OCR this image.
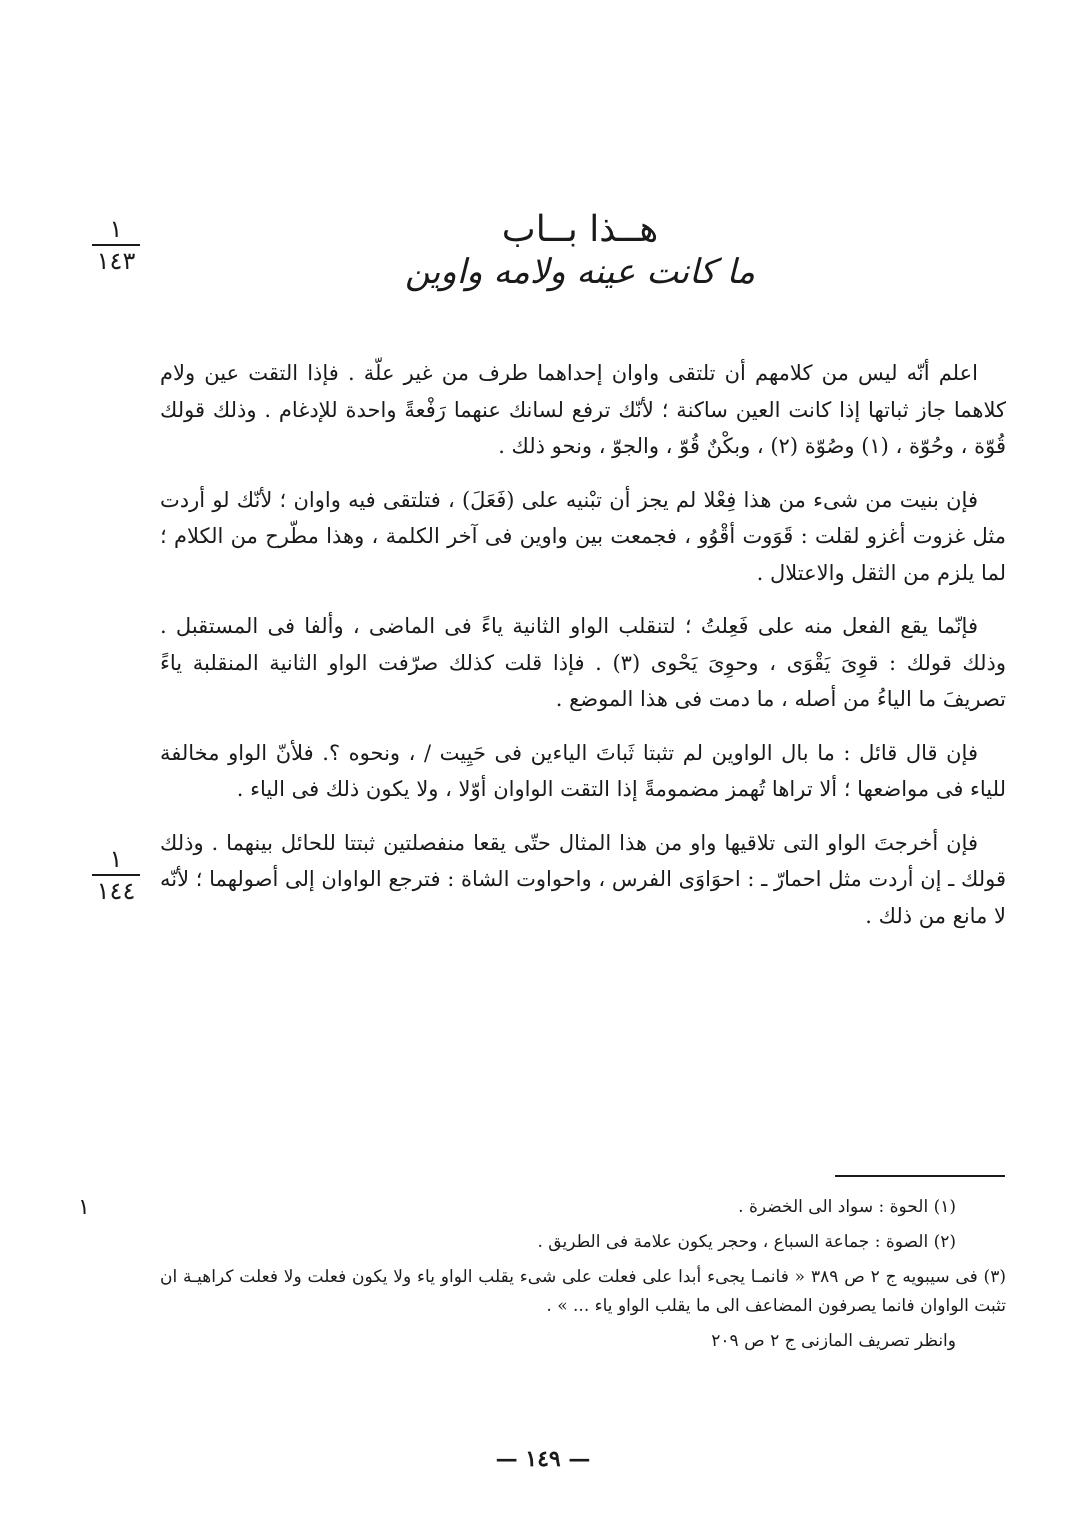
١
١٤٣
١
١٤٤
هــذا بــاب
ما كانت عينه ولامه واوين

اعلم أنّه ليس من كلامهم أن تلتقى واوان إحداهما طرف من غير علّة . فإذا التقت عين ولام كلاهما جاز ثباتها إذا كانت العين ساكنة ؛ لأنّك ترفع لسانك عنهما رَفْعةً واحدة للإدغام . وذلك قولك قُوّة ، وحُوّة ، (١) وصُوّة (٢) ، وبكْنٌ قُوّ ، والجوّ ، ونحو ذلك .

فإن بنيت من شىء من هذا فِعْلا لم يجز أن تبْنيه على (فَعَلَ) ، فتلتقى فيه واوان ؛ لأنّك لو أردت مثل غزوت أغزو لقلت : قَوَوت أقْوُو ، فجمعت بين واوين فى آخر الكلمة ، وهذا مطّرح من الكلام ؛ لما يلزم من الثقل والاعتلال .

فإنّما يقع الفعل منه على فَعِلتُ ؛ لتنقلب الواو الثانية ياءً فى الماضى ، وألفا فى المستقبل . وذلك قولك : قوِىَ يَقْوَى ، وحوِىَ يَحْوى (٣) . فإذا قلت كذلك صرّفت الواو الثانية المنقلبة ياءً تصريفَ ما الياءُ من أصله ، ما دمت فى هذا الموضع .

فإن قال قائل : ما بال الواوين لم تثبتا ثَباتَ الياءين فى حَيِيت / ، ونحوه ؟. فلأنّ الواو مخالفة للياء فى مواضعها ؛ ألا تراها تُهمز مضمومةً إذا التقت الواوان أوّلا ، ولا يكون ذلك فى الياء .

فإن أخرجتَ الواو التى تلاقيها واو من هذا المثال حتّى يقعا منفصلتين ثبتتا للحائل بينهما . وذلك قولك ـ إن أردت مثل احمارّ ـ : احوَاوَى الفرس ، واحواوت الشاة : فترجع الواوان إلى أصولهما ؛ لأنّه لا مانع من ذلك .

١	(١) الحوة : سواد الى الخضرة .

(٢) الصوة : جماعة السباع ، وحجر يكون علامة فى الطريق .

(٣) فى سيبويه ج ٢ ص ٣٨٩ « فانمـا يجىء أبدا على فعلت على شىء يقلب الواو ياء ولا يكون فعلت ولا فعلت كراهيـة ان تثبت الواوان فانما يصرفون المضاعف الى ما يقلب الواو ياء ... » .

وانظر تصريف المازنى ج ٢ ص ٢٠٩

— ١٤٩ —
